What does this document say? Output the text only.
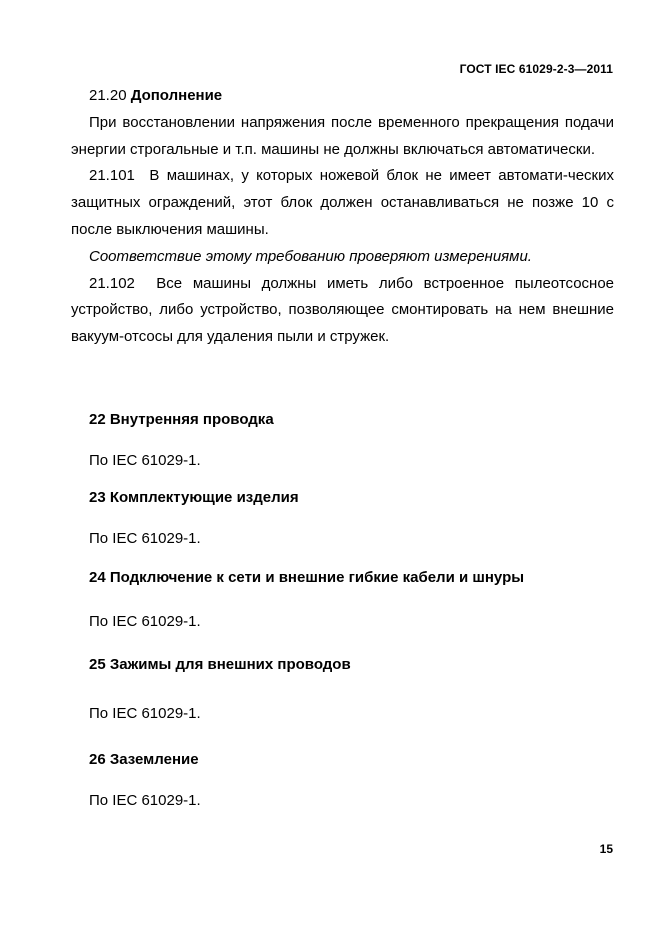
ГОСТ IEC 61029-2-3—2011

21.20 Дополнение

При восстановлении напряжения после временного прекращения подачи энергии строгальные и т.п. машины не должны включаться автоматически.

21.101 В машинах, у которых ножевой блок не имеет автомати-ческих защитных ограждений, этот блок должен останавливаться не позже 10 с после выключения машины.

Соответствие этому требованию проверяют измерениями.

21.102 Все машины должны иметь либо встроенное пылеотсосное устройство, либо устройство, позволяющее смонтировать на нем внешние вакуум-отсосы для удаления пыли и стружек.

22 Внутренняя проводка
По IEC 61029-1.
23 Комплектующие изделия
По IEC 61029-1.
24 Подключение к сети и внешние гибкие кабели и шнуры
По IEC 61029-1.
25 Зажимы для внешних проводов
По IEC 61029-1.
26 Заземление
По IEC 61029-1.
15
